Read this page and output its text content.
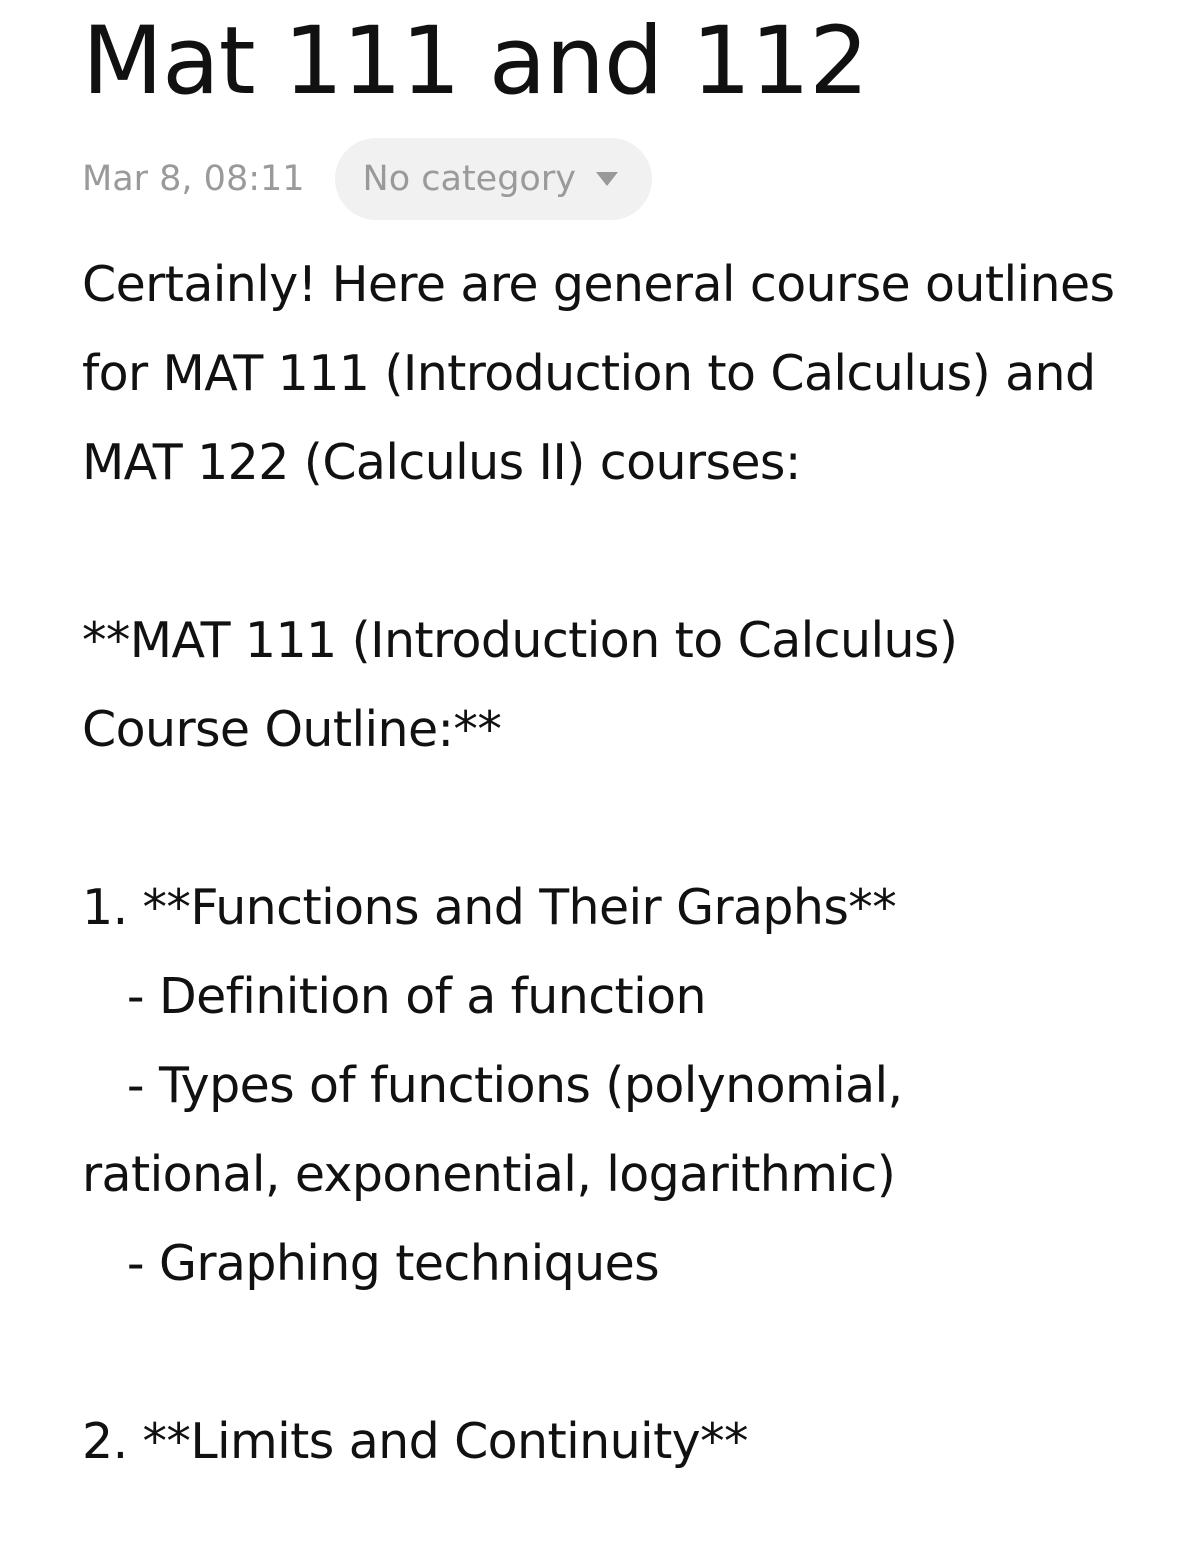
Mat 111 and 112
Mar 8, 08:11 No category
Certainly! Here are general course outlines
for MAT 111 (Introduction to Calculus) and
MAT 122 (Calculus II) courses:
**MAT 111 (Introduction to Calculus)
Course Outline:**
1. **Functions and Their Graphs**
- Definition of a function
- Types of functions (polynomial,
rational, exponential, logarithmic)
- Graphing techniques
2. **Limits and Continuity**
